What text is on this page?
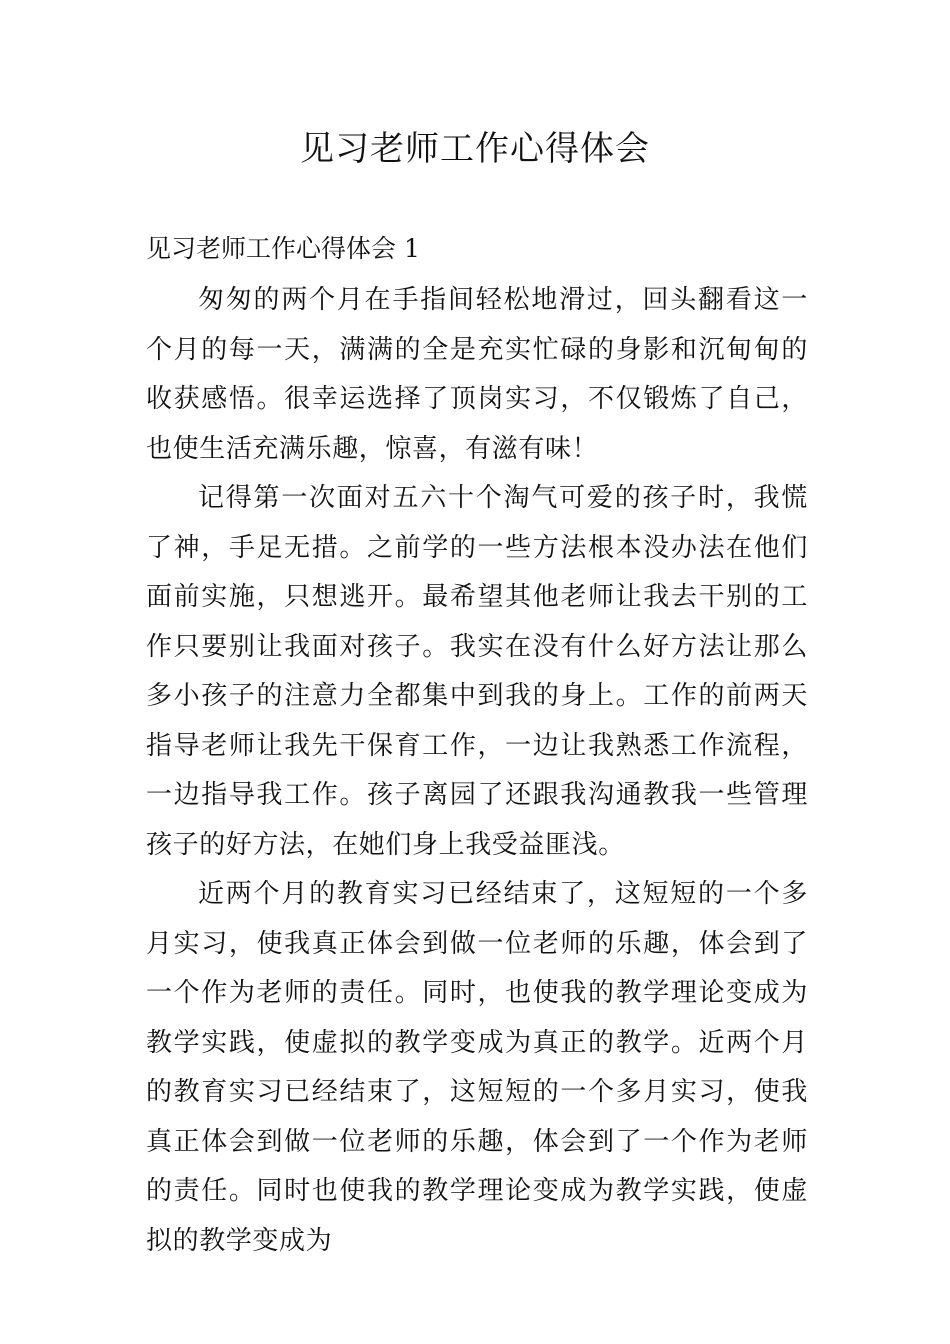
见习老师工作心得体会

见习老师工作心得体会 1

匆匆的两个月在手指间轻松地滑过，回头翻看这一个月的每一天，满满的全是充实忙碌的身影和沉甸甸的收获感悟。很幸运选择了顶岗实习，不仅锻炼了自己，也使生活充满乐趣，惊喜，有滋有味！

记得第一次面对五六十个淘气可爱的孩子时，我慌了神，手足无措。之前学的一些方法根本没办法在他们面前实施，只想逃开。最希望其他老师让我去干别的工作只要别让我面对孩子。我实在没有什么好方法让那么多小孩子的注意力全都集中到我的身上。工作的前两天指导老师让我先干保育工作，一边让我熟悉工作流程，一边指导我工作。孩子离园了还跟我沟通教我一些管理孩子的好方法，在她们身上我受益匪浅。

近两个月的教育实习已经结束了，这短短的一个多月实习，使我真正体会到做一位老师的乐趣，体会到了一个作为老师的责任。同时，也使我的教学理论变成为教学实践，使虚拟的教学变成为真正的教学。近两个月的教育实习已经结束了，这短短的一个多月实习，使我真正体会到做一位老师的乐趣，体会到了一个作为老师的责任。同时也使我的教学理论变成为教学实践，使虚拟的教学变成为
